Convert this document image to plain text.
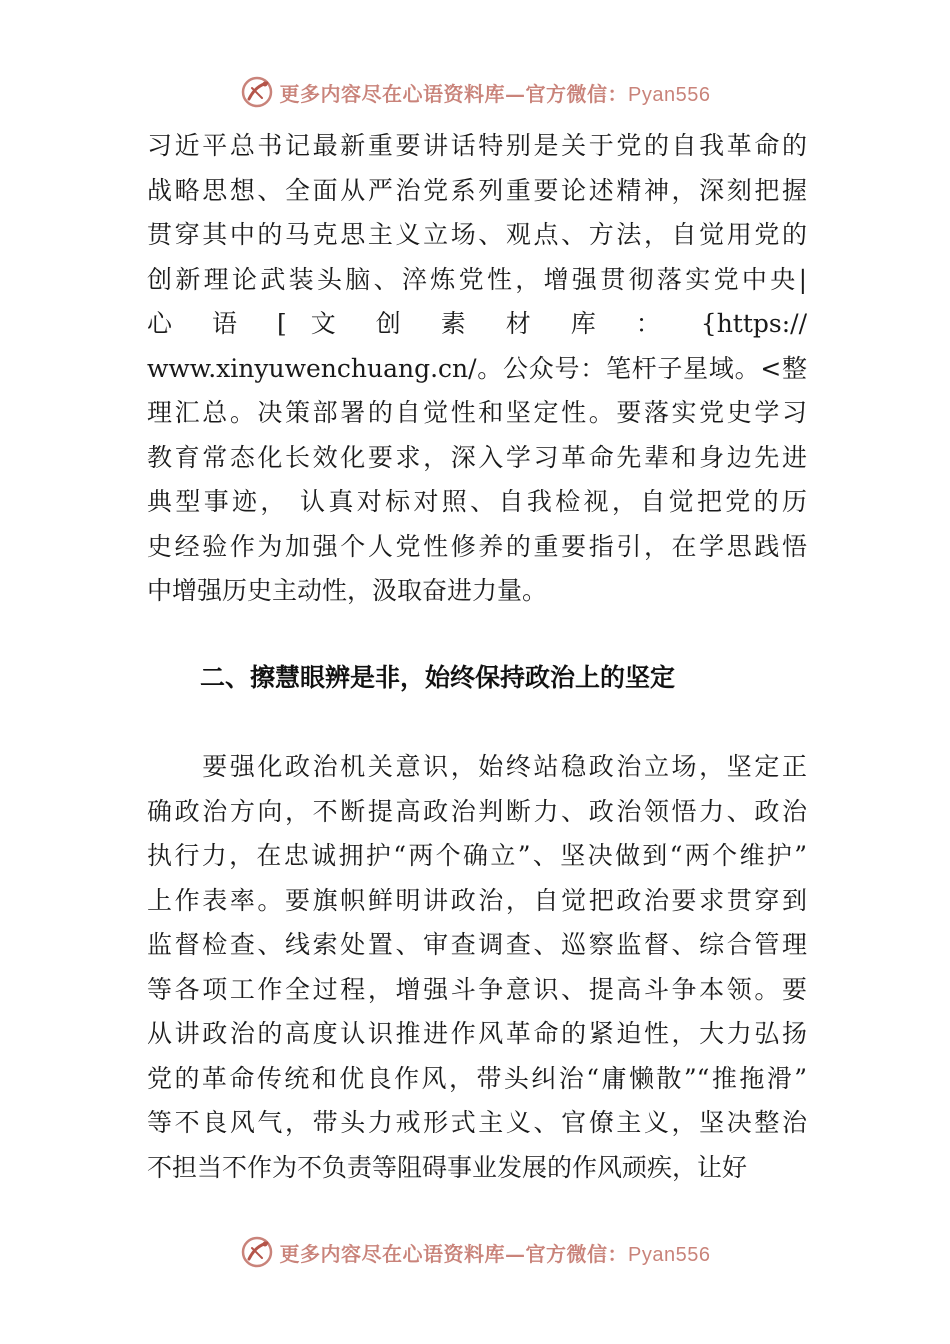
更多内容尽在心语资料库—官方微信：Pyan556

习近平总书记最新重要讲话特别是关于党的自我革命的
战略思想、全面从严治党系列重要论述精神，深刻把握
贯穿其中的马克思主义立场、观点、方法，自觉用党的
创新理论武装头脑、淬炼党性，增强贯彻落实党中央|
心 语 [ 文 创 素 材 库 ： {https://
www.xinyuwenchuang.cn/。公众号：笔杆子星域。<整
理汇总。决策部署的自觉性和坚定性。要落实党史学习
教育常态化长效化要求，深入学习革命先辈和身边先进
典型事迹， 认真对标对照、自我检视，自觉把党的历
史经验作为加强个人党性修养的重要指引，在学思践悟
中增强历史主动性，汲取奋进力量。

二、擦慧眼辨是非，始终保持政治上的坚定

　　要强化政治机关意识，始终站稳政治立场，坚定正
确政治方向，不断提高政治判断力、政治领悟力、政治
执行力，在忠诚拥护“两个确立”、坚决做到“两个维护”
上作表率。要旗帜鲜明讲政治，自觉把政治要求贯穿到
监督检查、线索处置、审查调查、巡察监督、综合管理
等各项工作全过程，增强斗争意识、提高斗争本领。要
从讲政治的高度认识推进作风革命的紧迫性，大力弘扬
党的革命传统和优良作风，带头纠治“庸懒散”“推拖滑”
等不良风气，带头力戒形式主义、官僚主义，坚决整治
不担当不作为不负责等阻碍事业发展的作风顽疾，让好

更多内容尽在心语资料库—官方微信：Pyan556
